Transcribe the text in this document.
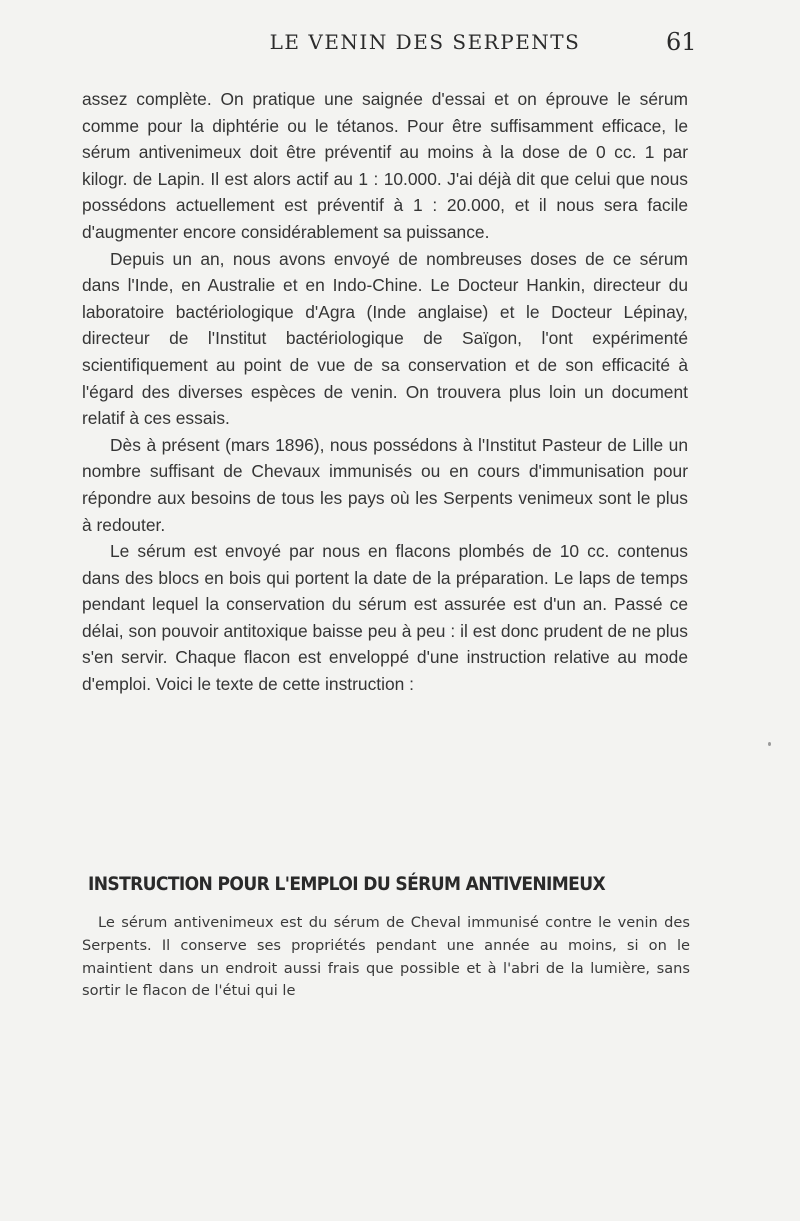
LE VENIN DES SERPENTS	61

assez complète. On pratique une saignée d'essai et on éprouve le sérum comme pour la diphtérie ou le tétanos. Pour être suffisamment efficace, le sérum antivenimeux doit être préventif au moins à la dose de 0 cc. 1 par kilogr. de Lapin. Il est alors actif au 1 : 10.000. J'ai déjà dit que celui que nous possédons actuellement est préventif à 1 : 20.000, et il nous sera facile d'augmenter encore considérablement sa puissance.

Depuis un an, nous avons envoyé de nombreuses doses de ce sérum dans l'Inde, en Australie et en Indo-Chine. Le Docteur Hankin, directeur du laboratoire bactériologique d'Agra (Inde anglaise) et le Docteur Lépinay, directeur de l'Institut bactériologique de Saïgon, l'ont expérimenté scientifiquement au point de vue de sa conservation et de son efficacité à l'égard des diverses espèces de venin. On trouvera plus loin un document relatif à ces essais.

Dès à présent (mars 1896), nous possédons à l'Institut Pasteur de Lille un nombre suffisant de Chevaux immunisés ou en cours d'immunisation pour répondre aux besoins de tous les pays où les Serpents venimeux sont le plus à redouter.

Le sérum est envoyé par nous en flacons plombés de 10 cc. contenus dans des blocs en bois qui portent la date de la préparation. Le laps de temps pendant lequel la conservation du sérum est assurée est d'un an. Passé ce délai, son pouvoir antitoxique baisse peu à peu : il est donc prudent de ne plus s'en servir. Chaque flacon est enveloppé d'une instruction relative au mode d'emploi. Voici le texte de cette instruction :

INSTRUCTION POUR L'EMPLOI DU SÉRUM ANTIVENIMEUX

Le sérum antivenimeux est du sérum de Cheval immunisé contre le venin des Serpents. Il conserve ses propriétés pendant une année au moins, si on le maintient dans un endroit aussi frais que possible et à l'abri de la lumière, sans sortir le flacon de l'étui qui le
